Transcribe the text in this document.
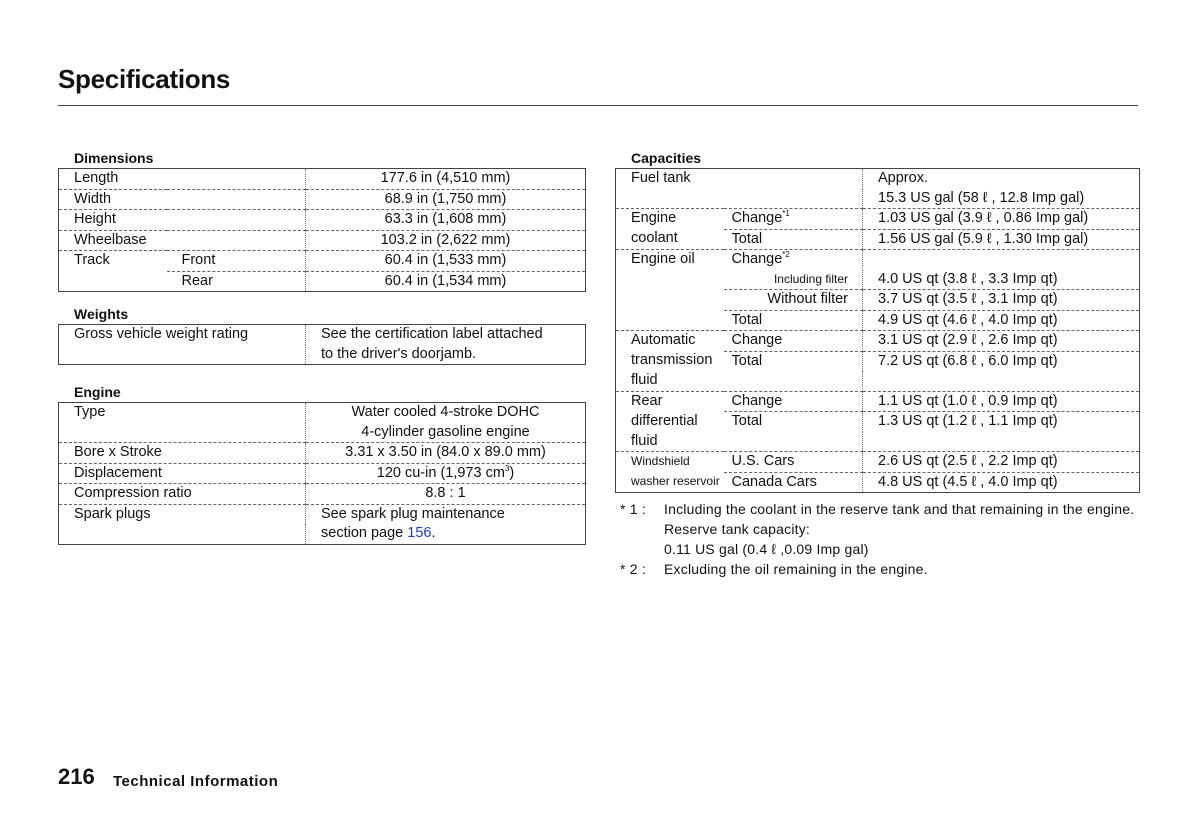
Specifications
Dimensions
Length		177.6 in (4,510 mm)
Width		68.9 in (1,750 mm)
Height		63.3 in (1,608 mm)
Wheelbase		103.2 in (2,622 mm)
Track	Front	60.4 in (1,533 mm)
	Rear	60.4 in (1,534 mm)
Weights
Gross vehicle weight rating	See the certification label attached
	to the driver's doorjamb.
Engine
Type	Water cooled 4-stroke DOHC
	4-cylinder gasoline engine
Bore x Stroke	3.31 x 3.50 in (84.0 x 89.0 mm)
Displacement	120 cu-in (1,973 $cm^3$)
Compression ratio	8.8 : 1
Spark plugs	See spark plug maintenance
	section page 156.
Capacities
Fuel tank		Approx.
		15.3 US gal (58 ℓ , 12.8 Imp gal)
Engine	Change$^{*1}$	1.03 US gal (3.9 ℓ , 0.86 Imp gal)
coolant	Total	1.56 US gal (5.9 ℓ , 1.30 Imp gal)
Engine oil	Change$^{*2}$	
	Including filter	4.0 US qt (3.8 ℓ , 3.3 Imp qt)
	Without filter	3.7 US qt (3.5 ℓ , 3.1 Imp qt)
	Total	4.9 US qt (4.6 ℓ , 4.0 Imp qt)
Automatic	Change	3.1 US qt (2.9 ℓ , 2.6 Imp qt)
transmission	Total	7.2 US qt (6.8 ℓ , 6.0 Imp qt)
fluid		
Rear	Change	1.1 US qt (1.0 ℓ , 0.9 Imp qt)
differential	Total	1.3 US qt (1.2 ℓ , 1.1 Imp qt)
fluid		
Windshield	U.S. Cars	2.6 US qt (2.5 ℓ , 2.2 Imp qt)
washer reservoir	Canada Cars	4.8 US qt (4.5 ℓ , 4.0 Imp qt)
* 1 :	Including the coolant in the reserve tank and that remaining in the engine.
Reserve tank capacity:
0.11 US gal (0.4 ℓ ,0.09 Imp gal)
* 2 :	Excluding the oil remaining in the engine.
216 Technical Information
